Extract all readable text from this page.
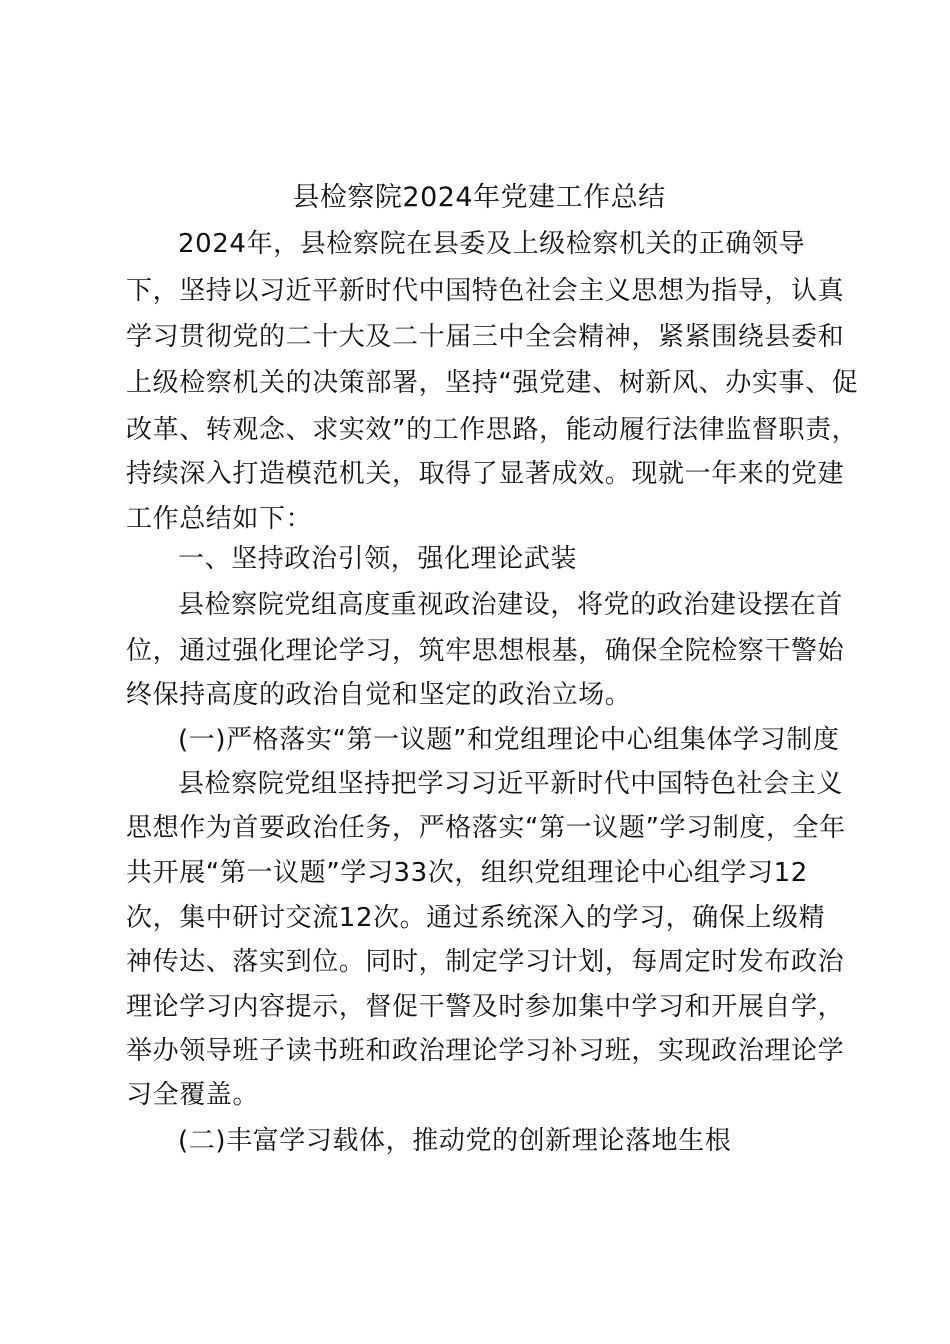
县检察院2024年党建工作总结
2024年，县检察院在县委及上级检察机关的正确领导
下，坚持以习近平新时代中国特色社会主义思想为指导，认真
学习贯彻党的二十大及二十届三中全会精神，紧紧围绕县委和
上级检察机关的决策部署，坚持“强党建、树新风、办实事、促
改革、转观念、求实效”的工作思路，能动履行法律监督职责，
持续深入打造模范机关，取得了显著成效。现就一年来的党建
工作总结如下：
一、坚持政治引领，强化理论武装
县检察院党组高度重视政治建设，将党的政治建设摆在首
位，通过强化理论学习，筑牢思想根基，确保全院检察干警始
终保持高度的政治自觉和坚定的政治立场。
(一)严格落实“第一议题”和党组理论中心组集体学习制度
县检察院党组坚持把学习习近平新时代中国特色社会主义
思想作为首要政治任务，严格落实“第一议题”学习制度，全年
共开展“第一议题”学习33次，组织党组理论中心组学习12
次，集中研讨交流12次。通过系统深入的学习，确保上级精
神传达、落实到位。同时，制定学习计划，每周定时发布政治
理论学习内容提示，督促干警及时参加集中学习和开展自学，
举办领导班子读书班和政治理论学习补习班，实现政治理论学
习全覆盖。
(二)丰富学习载体，推动党的创新理论落地生根
